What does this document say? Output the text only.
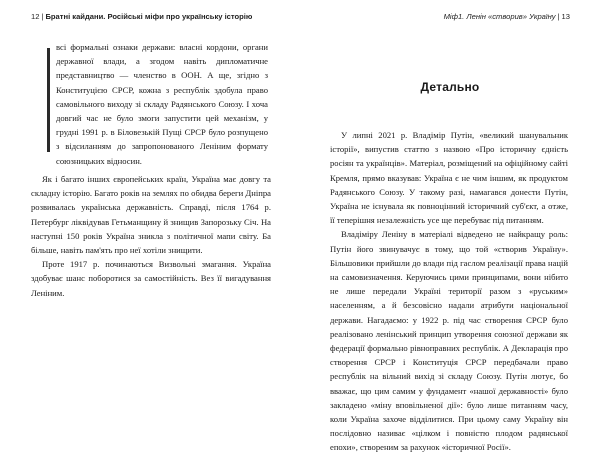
12 | Братні кайдани. Російські міфи про українську історію

всі формальні ознаки держави: власні кордони, органи державної влади, а згодом навіть дипломатичне представництво — членство в ООН. А ще, згідно з Конституцією СРСР, кожна з республік здобула право самовільного виходу зі складу Радянського Союзу. І хоча довгий час не було змоги запустити цей механізм, у грудні 1991 р. в Біловезькій Пущі СРСР було розпущено з відсиланням до запропонованого Леніним формату союзницьких відносин.

Як і багато інших європейських країн, Україна має довгу та складну історію. Багато років на землях по обидва береги Дніпра розвивалась українська державність. Справді, після 1764 р. Петербург ліквідував Гетьманщину й знищив Запорозьку Січ. На наступні 150 років Україна зникла з політичної мапи світу. Ба більше, навіть пам'ять про неї хотіли знищити.

Проте 1917 р. починаються Визвольні змагання. Україна здобуває шанс поборотися за самостійність. Вез її вигадування Леніним.

Міф1. Ленін «створив» Україну | 13
Детально

У липні 2021 р. Владімір Путін, «великий шанувальник історії», випустив статтю з назвою «Про історичну єдність росіян та українців». Матеріал, розміщений на офіційному сайті Кремля, прямо вказував: Україна є не чим іншим, як продуктом Радянського Союзу. У такому разі, намагався донести Путін, Україна не існувала як повноцінний історичний суб'єкт, а отже, її теперішня незалежність усе ще перебуває під питанням.

Владіміру Леніну в матеріалі відведено не найкращу роль: Путін його звинувачує в тому, що той «створив Україну». Більшовики прийшли до влади під гаслом реалізації права націй на самовизначення. Керуючись цими принципами, вони нібито не лише передали Україні території разом з «руським» населенням, а й безсовісно надали атрибути національної держави. Нагадаємо: у 1922 р. під час створення СРСР було реалізовано ленінський принцип утворення союзної держави як федерації формально рівноправних республік. А Декларація про створення СРСР і Конституція СРСР передбачали право республік на вільний вихід зі складу Союзу. Путін лютує, бо вважає, що цим самим у фундамент «нашої державності» було закладено «міну вповільненої дії»: було лише питанням часу, коли Україна захоче відділитися. При цьому саму Україну він послідовно називає «цілком і повністю плодом радянської епохи», створеним за рахунок «історичної Росії».
